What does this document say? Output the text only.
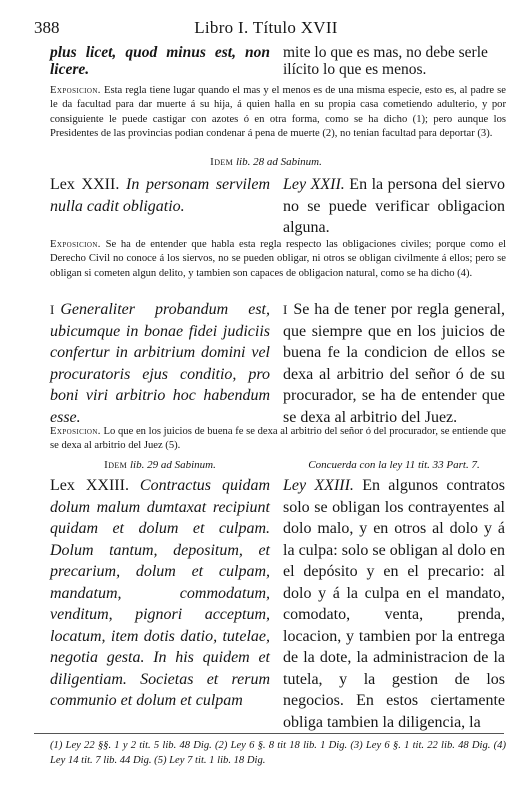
388	Libro I. Título XVII
plus licet, quod minus est, non licere.
mite lo que es mas, no debe serle ilícito lo que es menos.
Exposicion. Esta regla tiene lugar quando el mas y el menos es de una misma especie, esto es, al padre se le da facultad para dar muerte á su hija, á quien halla en su propia casa cometiendo adulterio, y por consiguiente le puede castigar con azotes ó en otra forma, como se ha dicho (1); pero aunque los Presidentes de las provincias podian condenar á pena de muerte (2), no tenian facultad para deportar (3).
Idem lib. 28 ad Sabinum.
Lex XXII. In personam servilem nulla cadit obligatio.
Ley XXII. En la persona del siervo no se puede verificar obligacion alguna.
Exposicion. Se ha de entender que habla esta regla respecto las obligaciones civiles; porque como el Derecho Civil no conoce á los siervos, no se pueden obligar, ni otros se obligan civilmente á ellos; pero se obligan si cometen algun delito, y tambien son capaces de obligacion natural, como se ha dicho (4).
I Generaliter probandum est, ubicumque in bonae fidei judiciis confertur in arbitrium domini vel procuratoris ejus conditio, pro boni viri arbitrio hoc habendum esse.
I Se ha de tener por regla general, que siempre que en los juicios de buena fe la condicion de ellos se dexa al arbitrio del señor ó de su procurador, se ha de entender que se dexa al arbitrio del Juez.
Exposicion. Lo que en los juicios de buena fe se dexa al arbitrio del señor ó del procurador, se entiende que se dexa al arbitrio del Juez (5).
Idem lib. 29 ad Sabinum.	Concuerda con la ley 11 tit. 33 Part. 7.
Lex XXIII. Contractus quidam dolum malum dumtaxat recipiunt quidam et dolum et culpam. Dolum tantum, depositum, et precarium, dolum et culpam, mandatum, commodatum, venditum, pignori acceptum, locatum, item dotis datio, tutelae, negotia gesta. In his quidem et diligentiam. Societas et rerum communio et dolum et culpam
Ley XXIII. En algunos contratos solo se obligan los contrayentes al dolo malo, y en otros al dolo y á la culpa: solo se obligan al dolo en el depósito y en el precario: al dolo y á la culpa en el mandato, comodato, venta, prenda, locacion, y tambien por la entrega de la dote, la administracion de la tutela, y la gestion de los negocios. En estos ciertamente obliga tambien la diligencia, la
(1) Ley 22 §§. 1 y 2 tit. 5 lib. 48 Dig. (2) Ley 6 §. 8 tit 18 lib. 1 Dig. (3) Ley 6 §. 1 tit. 22 lib. 48 Dig. (4) Ley 14 tit. 7 lib. 44 Dig. (5) Ley 7 tit. 1 lib. 18 Dig.
